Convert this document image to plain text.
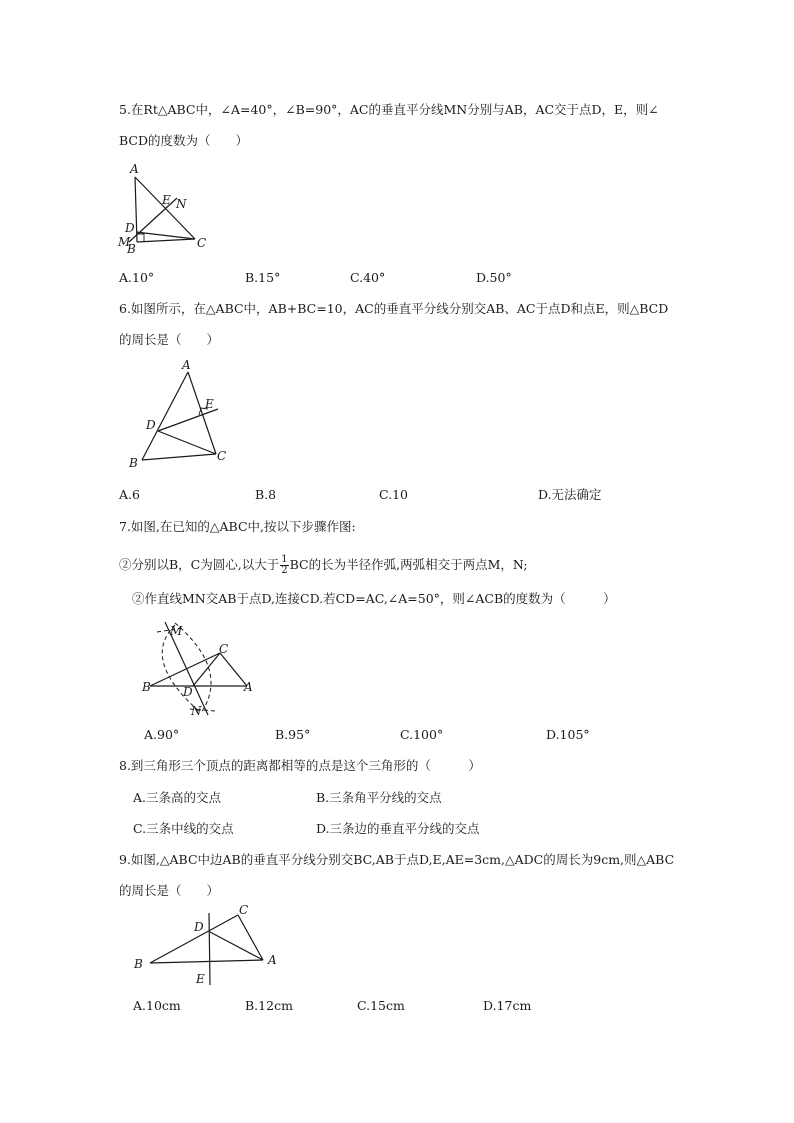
5.在Rt△ABC中，∠A=40°，∠B=90°，AC的垂直平分线MN分别与AB，AC交于点D，E，则∠
BCD的度数为（　　）
A
E N
D
M
B	C
A.10°	B.15°	C.40°	D.50°
6.如图所示，在△ABC中，AB+BC=10，AC的垂直平分线分别交AB、AC于点D和点E，则△BCD
的周长是（　　）
A
E
D
B	C
A.6	B.8	C.10	D.无法确定
7.如图,在已知的△ABC中,按以下步骤作图:
②分别以B，C为圆心,以大于 $\frac{1}{2}$ BC的长为半径作弧,两弧相交于两点M，N;
②作直线MN交AB于点D,连接CD.若CD=AC,∠A=50°，则∠ACB的度数为（　　　）
M
C
B	D	A
N
A.90°	B.95°	C.100°	D.105°
8.到三角形三个顶点的距离都相等的点是这个三角形的（　　　）
A.三条高的交点	B.三条角平分线的交点
C.三条中线的交点	D.三条边的垂直平分线的交点
9.如图,△ABC中边AB的垂直平分线分别交BC,AB于点D,E,AE=3cm,△ADC的周长为9cm,则△ABC
的周长是（　　）
C
D
B	A
E
A.10cm	B.12cm	C.15cm	D.17cm
